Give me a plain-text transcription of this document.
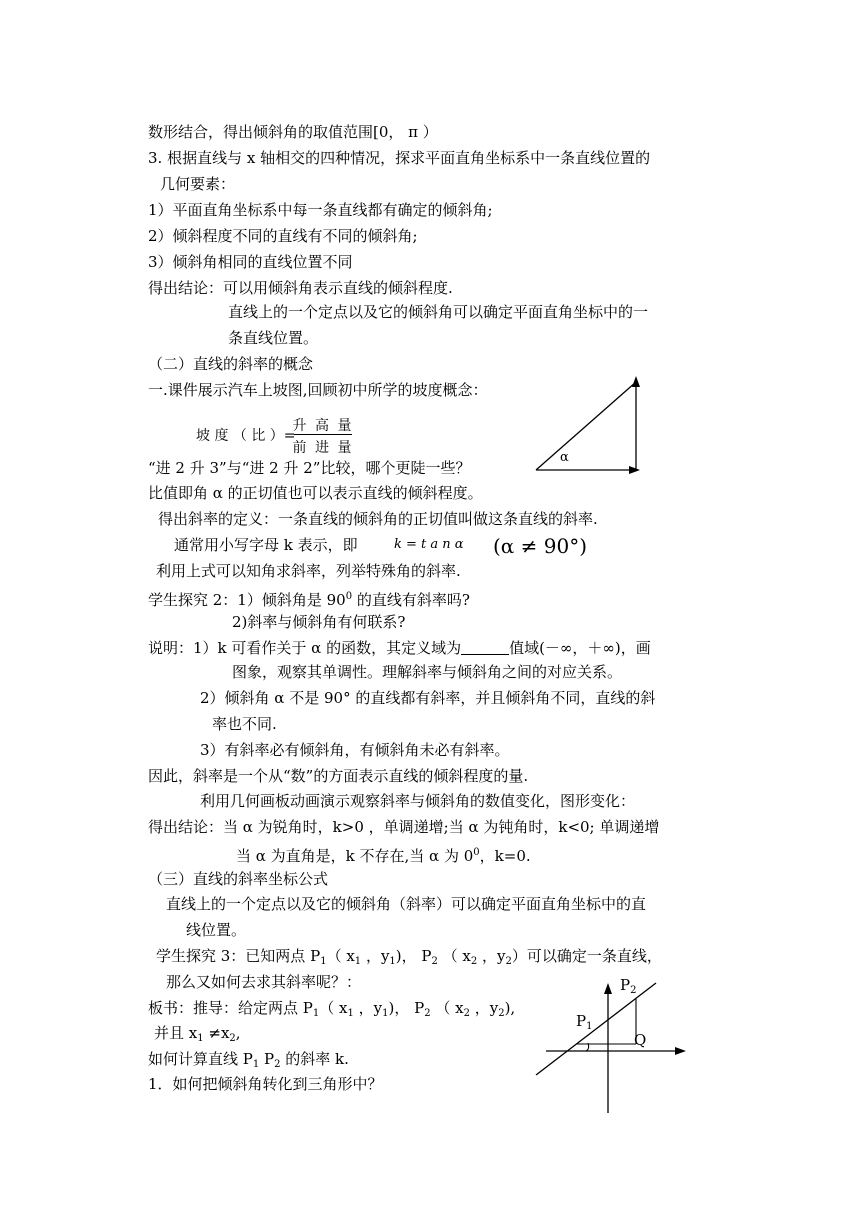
数形结合，得出倾斜角的取值范围[0， π ）
3. 根据直线与 x 轴相交的四种情况，探求平面直角坐标系中一条直线位置的
几何要素：
1）平面直角坐标系中每一条直线都有确定的倾斜角;
2）倾斜程度不同的直线有不同的倾斜角;
3）倾斜角相同的直线位置不同
得出结论：可以用倾斜角表示直线的倾斜程度.
直线上的一个定点以及它的倾斜角可以确定平面直角坐标中的一
条直线位置。
（二）直线的斜率的概念
一.课件展示汽车上坡图,回顾初中所学的坡度概念：
坡 度 （ 比 ）=
升 高 量
前 进 量
α
“进 2 升 3”与“进 2 升 2”比较，哪个更陡一些？
比值即角 α 的正切值也可以表示直线的倾斜程度。
得出斜率的定义：一条直线的倾斜角的正切值叫做这条直线的斜率.
通常用小写字母 k 表示，即	k = t a n α (α ≠ 90°)
利用上式可以知角求斜率，列举特殊角的斜率.
学生探究 2：1）倾斜角是 $90^0$ 的直线有斜率吗?
2)斜率与倾斜角有何联系?
说明：1）k 可看作关于 α 的函数，其定义域为	值域(－∞，＋∞)，画
图象，观察其单调性。理解斜率与倾斜角之间的对应关系。
2）倾斜角 α 不是 90° 的直线都有斜率，并且倾斜角不同，直线的斜
率也不同.
3）有斜率必有倾斜角，有倾斜角未必有斜率。
因此，斜率是一个从“数”的方面表示直线的倾斜程度的量.
利用几何画板动画演示观察斜率与倾斜角的数值变化，图形变化：
得出结论：当 α 为锐角时，k>0 ，单调递增;当 α 为钝角时，k<0; 单调递增
当 α 为直角是，k 不存在,当 α 为 $0^0$，k=0.
（三）直线的斜率坐标公式
直线上的一个定点以及它的倾斜角（斜率）可以确定平面直角坐标中的直
线位置。
学生探究 3：已知两点 $P_1$（ $x_1$ ，$y_1$)， $P_2$ （ $x_2$ ，$y_2$）可以确定一条直线，
那么又如何去求其斜率呢？：
板书：推导：给定两点 $P_1$（ $x_1$ ，$y_1$)， $P_2$ （ $x_2$ ，$y_2$),
并且 $x_1 \ne x_2$,
如何计算直线 $P_1$ $P_2$ 的斜率 k.
1．如何把倾斜角转化到三角形中？
$P_2$
$P_1$
Q
